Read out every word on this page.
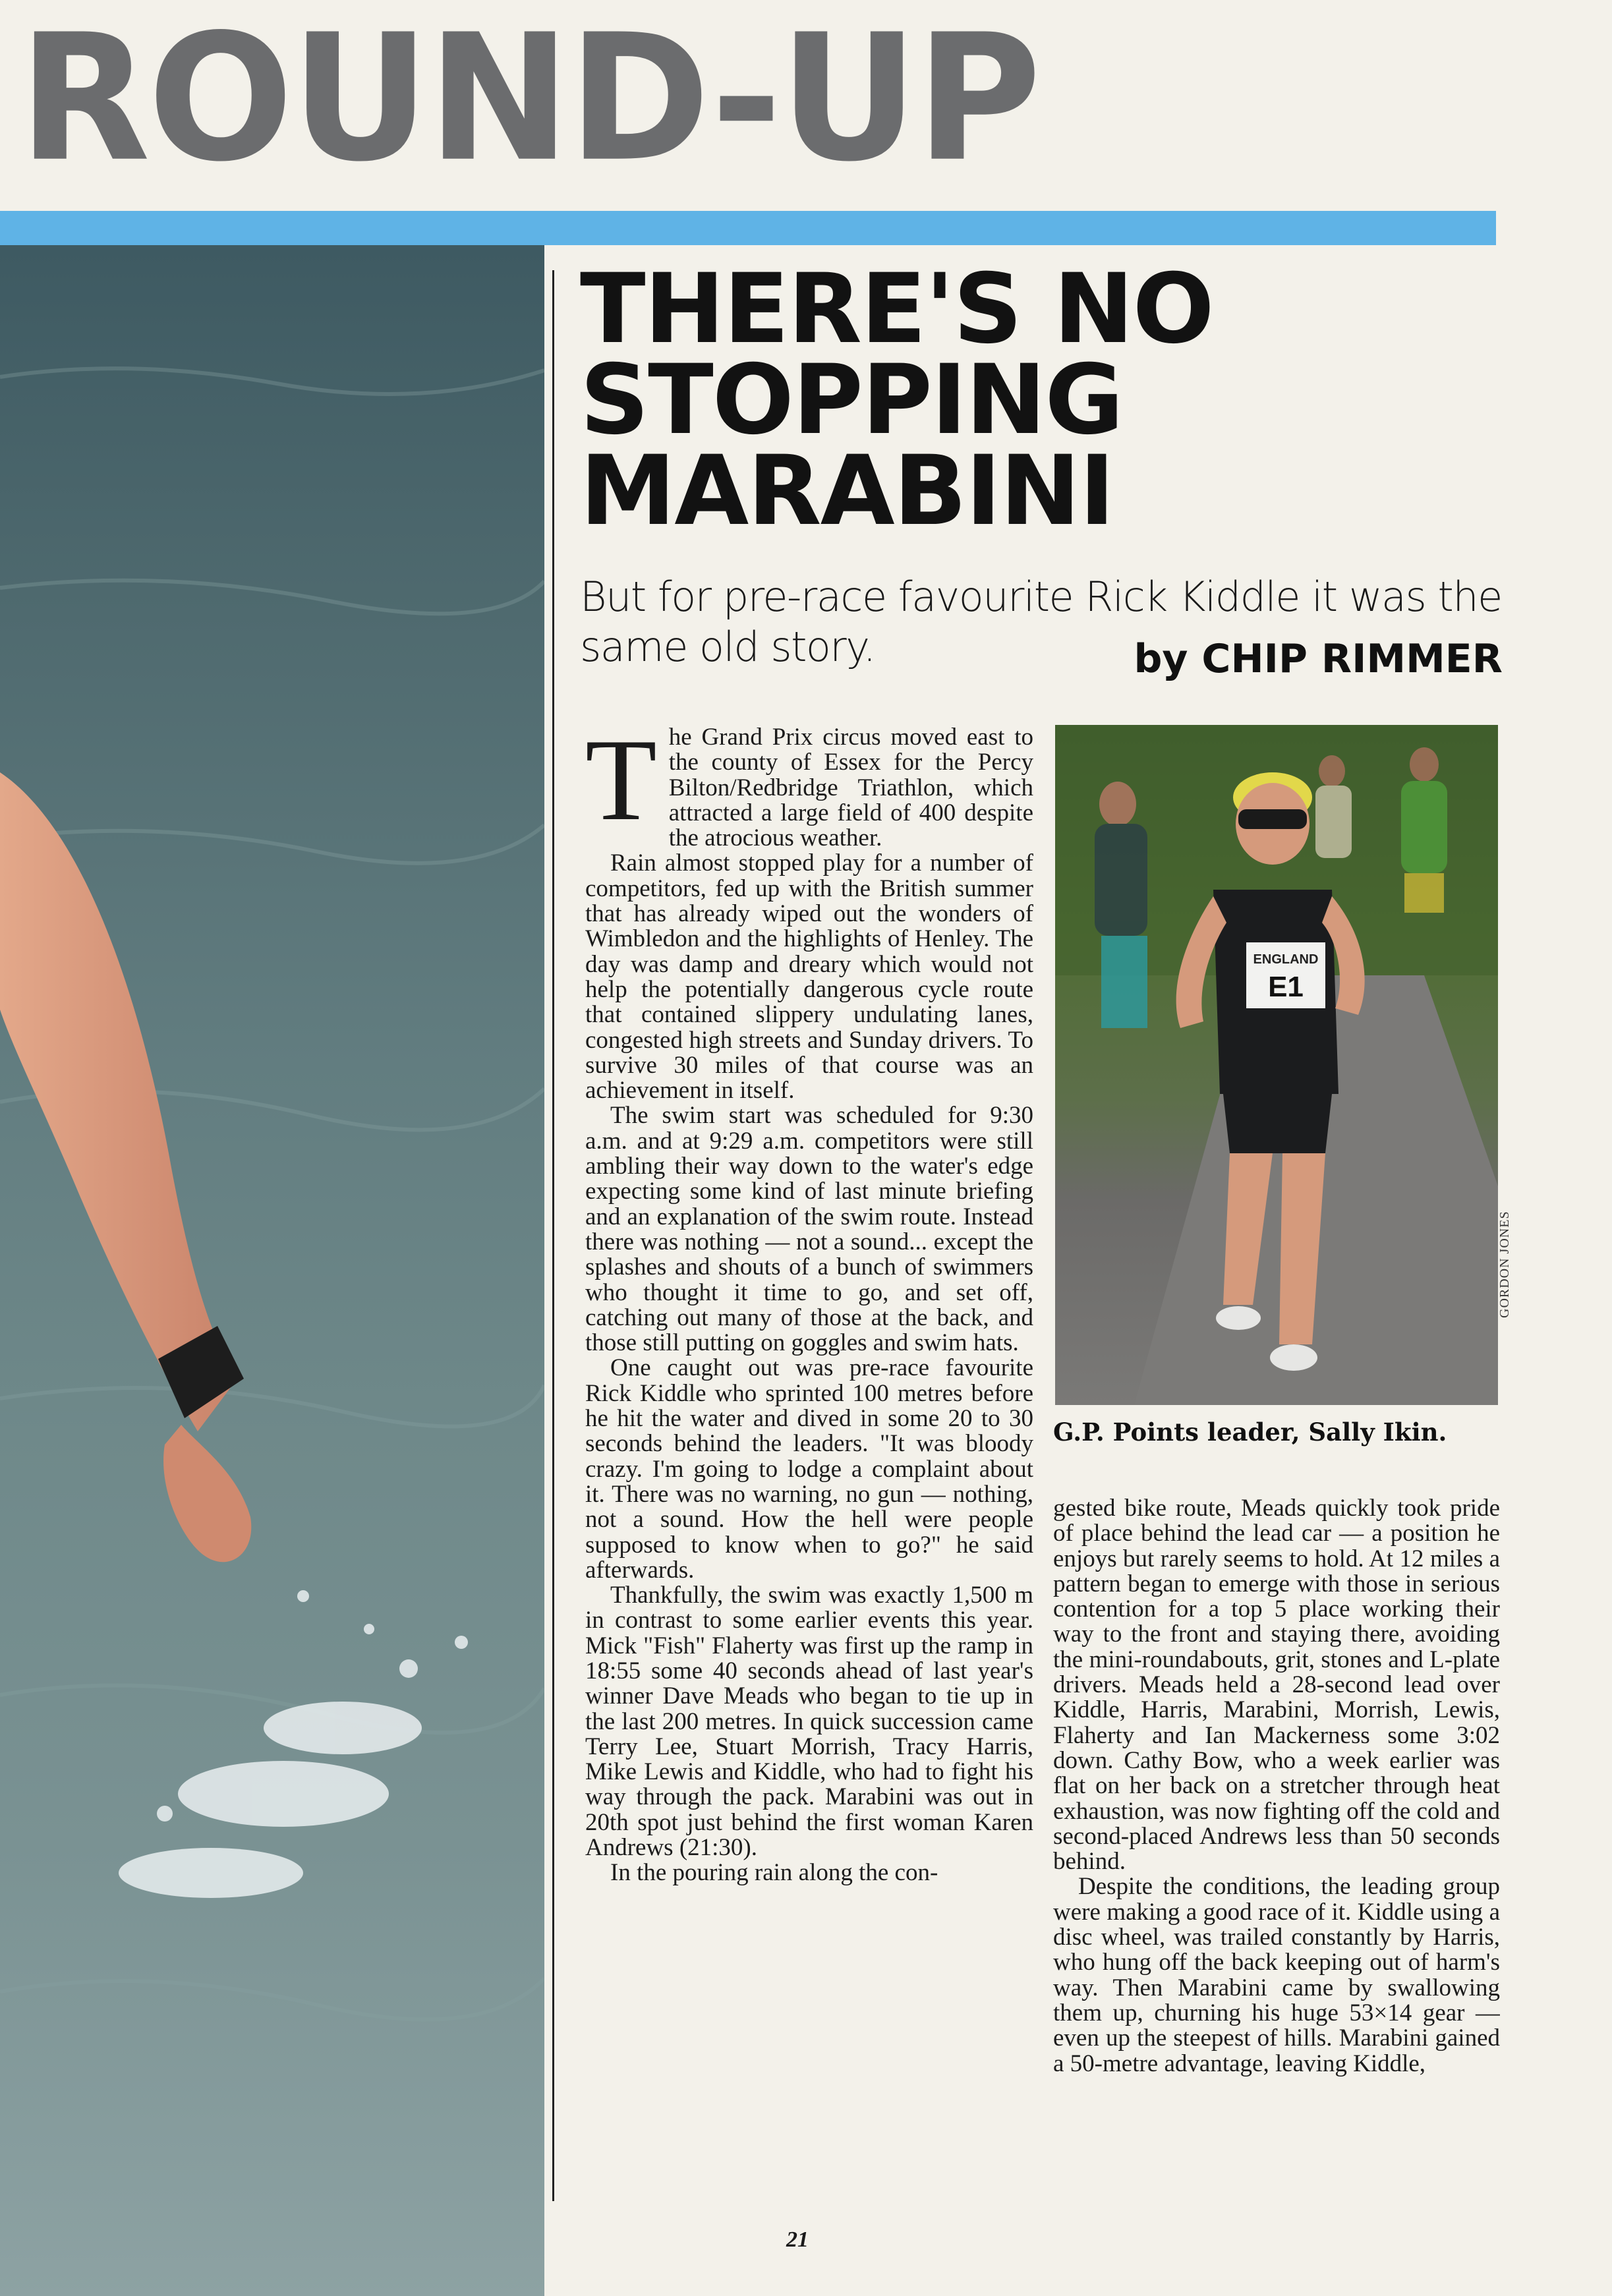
ROUND-UP
THERE'S NO
STOPPING
MARABINI

But for pre-race favourite Rick Kiddle it was the same old story.	by CHIP RIMMER

The Grand Prix circus moved east to the county of Essex for the Percy Bilton/Redbridge Triathlon, which attracted a large field of 400 despite the atrocious weather.

Rain almost stopped play for a number of competitors, fed up with the British summer that has already wiped out the wonders of Wimbledon and the highlights of Henley. The day was damp and dreary which would not help the potentially dangerous cycle route that contained slippery undulating lanes, congested high streets and Sunday drivers. To survive 30 miles of that course was an achievement in itself.

The swim start was scheduled for 9:30 a.m. and at 9:29 a.m. competitors were still ambling their way down to the water's edge expecting some kind of last minute briefing and an explanation of the swim route. Instead there was nothing — not a sound... except the splashes and shouts of a bunch of swimmers who thought it time to go, and set off, catching out many of those at the back, and those still putting on goggles and swim hats.

One caught out was pre-race favourite Rick Kiddle who sprinted 100 metres before he hit the water and dived in some 20 to 30 seconds behind the leaders. "It was bloody crazy. I'm going to lodge a complaint about it. There was no warning, no gun — nothing, not a sound. How the hell were people supposed to know when to go?" he said afterwards.

Thankfully, the swim was exactly 1,500 m in contrast to some earlier events this year. Mick "Fish" Flaherty was first up the ramp in 18:55 some 40 seconds ahead of last year's winner Dave Meads who began to tie up in the last 200 metres. In quick succession came Terry Lee, Stuart Morrish, Tracy Harris, Mike Lewis and Kiddle, who had to fight his way through the pack. Marabini was out in 20th spot just behind the first woman Karen Andrews (21:30).

In the pouring rain along the con-

ENGLAND
E1
GORDON JONES
G.P. Points leader, Sally Ikin.

gested bike route, Meads quickly took pride of place behind the lead car — a position he enjoys but rarely seems to hold. At 12 miles a pattern began to emerge with those in serious contention for a top 5 place working their way to the front and staying there, avoiding the mini-roundabouts, grit, stones and L-plate drivers. Meads held a 28-second lead over Kiddle, Harris, Marabini, Morrish, Lewis, Flaherty and Ian Mackerness some 3:02 down. Cathy Bow, who a week earlier was flat on her back on a stretcher through heat exhaustion, was now fighting off the cold and second-placed Andrews less than 50 seconds behind.

Despite the conditions, the leading group were making a good race of it. Kiddle using a disc wheel, was trailed constantly by Harris, who hung off the back keeping out of harm's way. Then Marabini came by swallowing them up, churning his huge 53×14 gear — even up the steepest of hills. Marabini gained a 50-metre advantage, leaving Kiddle,

21
